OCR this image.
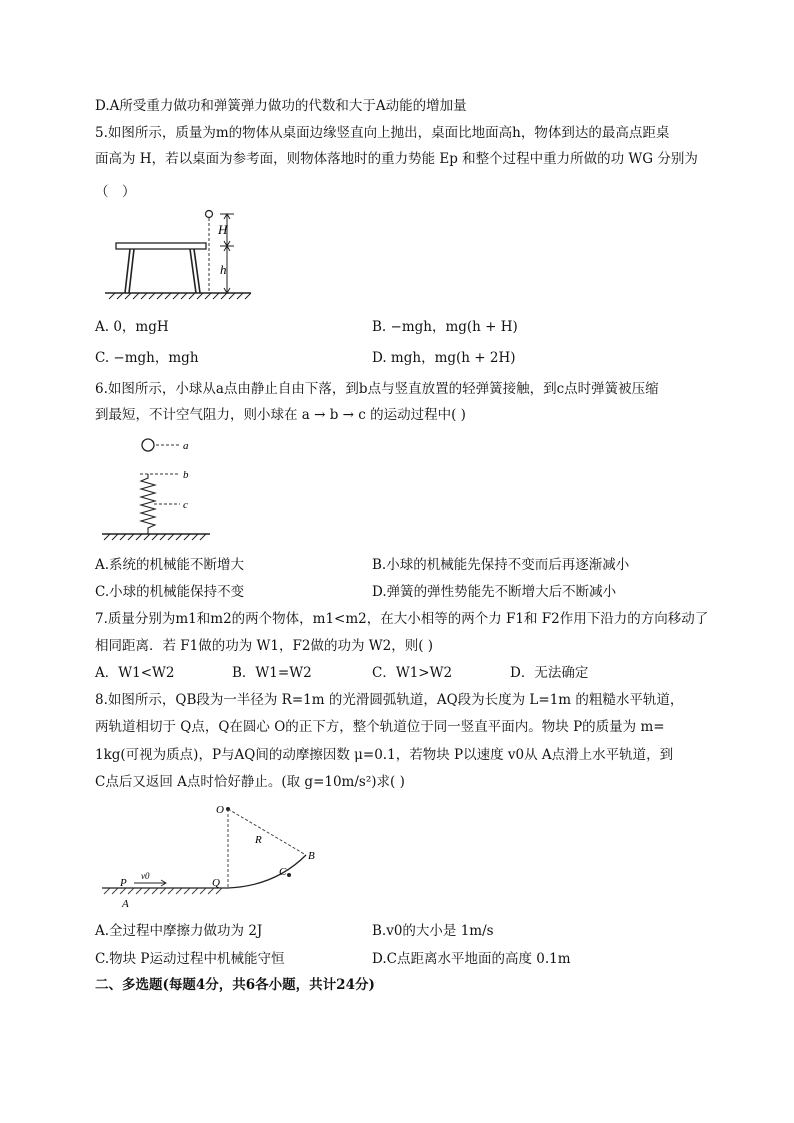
D.A所受重力做功和弹簧弹力做功的代数和大于A动能的增加量
5.如图所示，质量为m的物体从桌面边缘竖直向上抛出，桌面比地面高h，物体到达的最高点距桌
面高为 H，若以桌面为参考面，则物体落地时的重力势能 Ep 和整个过程中重力所做的功 WG 分别为
（　）
H
h
A. 0，mgH	B. −mgh，mg(h + H)
C. −mgh，mgh	D. mgh，mg(h + 2H)
6.如图所示，小球从a点由静止自由下落，到b点与竖直放置的轻弹簧接触，到c点时弹簧被压缩
到最短，不计空气阻力，则小球在 a → b → c 的运动过程中( )
a
b
c
A.系统的机械能不断增大	B.小球的机械能先保持不变而后再逐渐减小
C.小球的机械能保持不变	D.弹簧的弹性势能先不断增大后不断减小
7.质量分别为m1和m2的两个物体，m1<m2，在大小相等的两个力 F1和 F2作用下沿力的方向移动了
相同距离．若 F1做的功为 W1，F2做的功为 W2，则( )
A．W1<W2	B．W1=W2	C．W1>W2	D．无法确定
8.如图所示，QB段为一半径为 R=1m 的光滑圆弧轨道，AQ段为长度为 L=1m 的粗糙水平轨道，
两轨道相切于 Q点，Q在圆心 O的正下方，整个轨道位于同一竖直平面内。物块 P的质量为 m=
1kg(可视为质点)，P与AQ间的动摩擦因数 μ=0.1，若物块 P以速度 v0从 A点滑上水平轨道，到
C点后又返回 A点时恰好静止。(取 g=10m/s²)求( )
O
R
B
C
P
v0
Q
A
A.全过程中摩擦力做功为 2J	B.v0的大小是 1m/s
C.物块 P运动过程中机械能守恒	D.C点距离水平地面的高度 0.1m
二、多选题(每题4分，共6各小题，共计24分)
